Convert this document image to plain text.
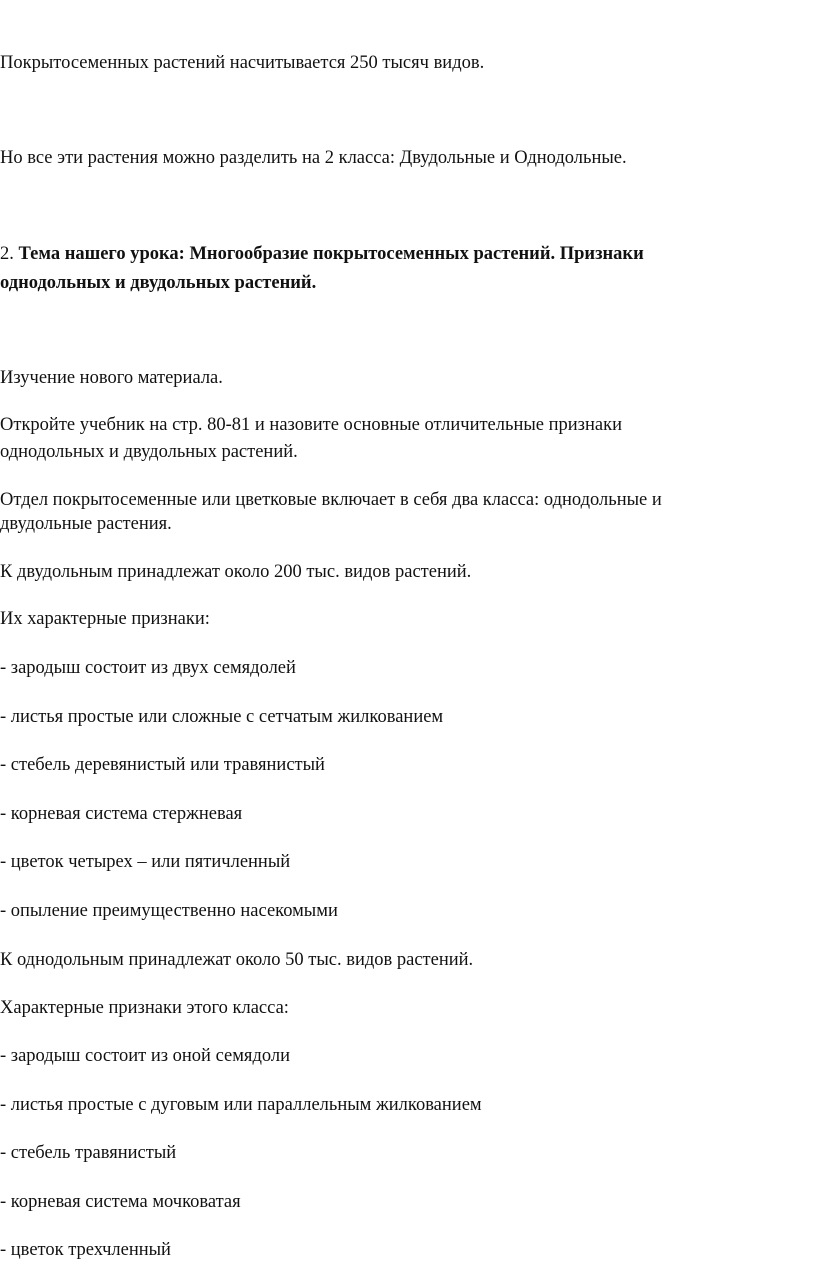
Покрытосеменных растений насчитывается 250 тысяч видов.
Но все эти растения можно разделить на 2 класса: Двудольные и Однодольные.
2. Тема нашего урока: Многообразие покрытосеменных растений. Признаки
однодольных и двудольных растений.
Изучение нового материала.
Откройте учебник на стр. 80-81 и назовите основные отличительные признаки
однодольных и двудольных растений.
Отдел покрытосеменные или цветковые включает в себя два класса: однодольные и
двудольные растения.
К двудольным принадлежат около 200 тыс. видов растений.
Их характерные признаки:
- зародыш состоит из двух семядолей
- листья простые или сложные с сетчатым жилкованием
- стебель деревянистый или травянистый
- корневая система стержневая
- цветок четырех – или пятичленный
- опыление преимущественно насекомыми
К однодольным принадлежат около 50 тыс. видов растений.
Характерные признаки этого класса:
- зародыш состоит из оной семядоли
- листья простые с дуговым или параллельным жилкованием
- стебель травянистый
- корневая система мочковатая
- цветок трехчленный
